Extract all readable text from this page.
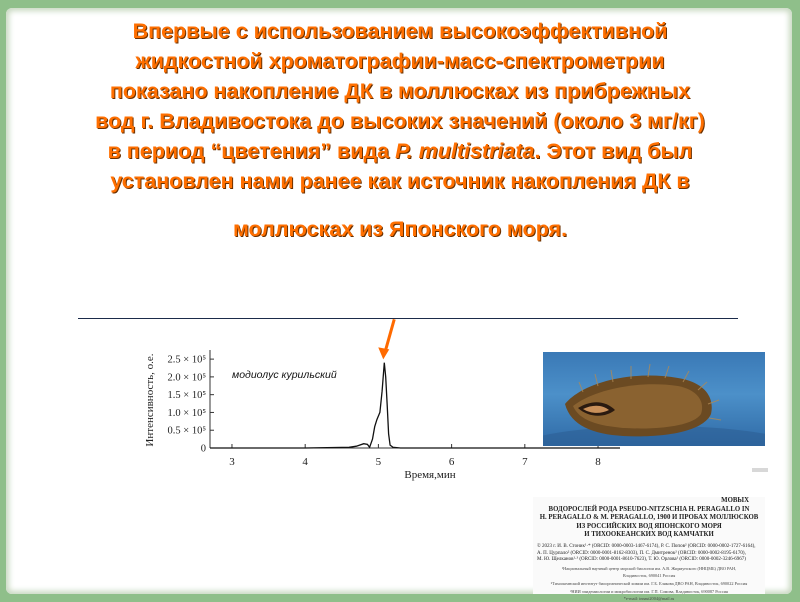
Впервые с использованием высокоэффективной
жидкостной хроматографии-масс-спектрометрии
показано накопление ДК в моллюсках из прибрежных
вод г. Владивостока до высоких значений (около 3 мг/кг)
в период “цветения” вида P. multistriata. Этот вид был
установлен нами ранее как источник накопления ДК в
моллюсках из Японского моря.
0
0.5 × 10⁵
1.0 × 10⁵
1.5 × 10⁵
2.0 × 10⁵
2.5 × 10⁵
3	4	5	6	7	8
Интенсивность, о.е.
Время,мин
модиолус курильский
МОВЫХ
ВОДОРОСЛЕЙ РОДА PSEUDO-NITZSCHIA H. PERAGALLO IN
H. PERAGALLO & M. PERAGALLO, 1900 И ПРОБАХ МОЛЛЮСКОВ
ИЗ РОССИЙСКИХ ВОД ЯПОНСКОГО МОРЯ
И ТИХООКЕАНСКИХ ВОД КАМЧАТКИ
© 2023 г. И. В. Стоник¹·* (ORCID: 0000-0003-1467-6174), Р. С. Попов² (ORCID: 0000-0002-1727-6164),
А. П. Цурпало² (ORCID: 0000-0001-8162-8303), П. С. Дмитренок² (ORCID: 0000-0002-8195-6170),
М. Ю. Щелканов¹·³ (ORCID: 0000-0001-8610-7623), Т. Ю. Орлова¹ (ORCID: 0000-0002-3246-6967)
¹Национальный научный центр морской биологии им. А.В. Жирмунского (ННЦМБ) ДВО РАН,
Владивосток, 690041 Россия
²Тихоокеанский институт биоорганической химии им. Г.Б. Елякова ДВО РАН, Владивосток, 690022 Россия
³НИИ эпидемиологии и микробиологии им. Г.П. Сомова, Владивосток, 690087 Россия
*e-mail: innast2004@mail.ru
